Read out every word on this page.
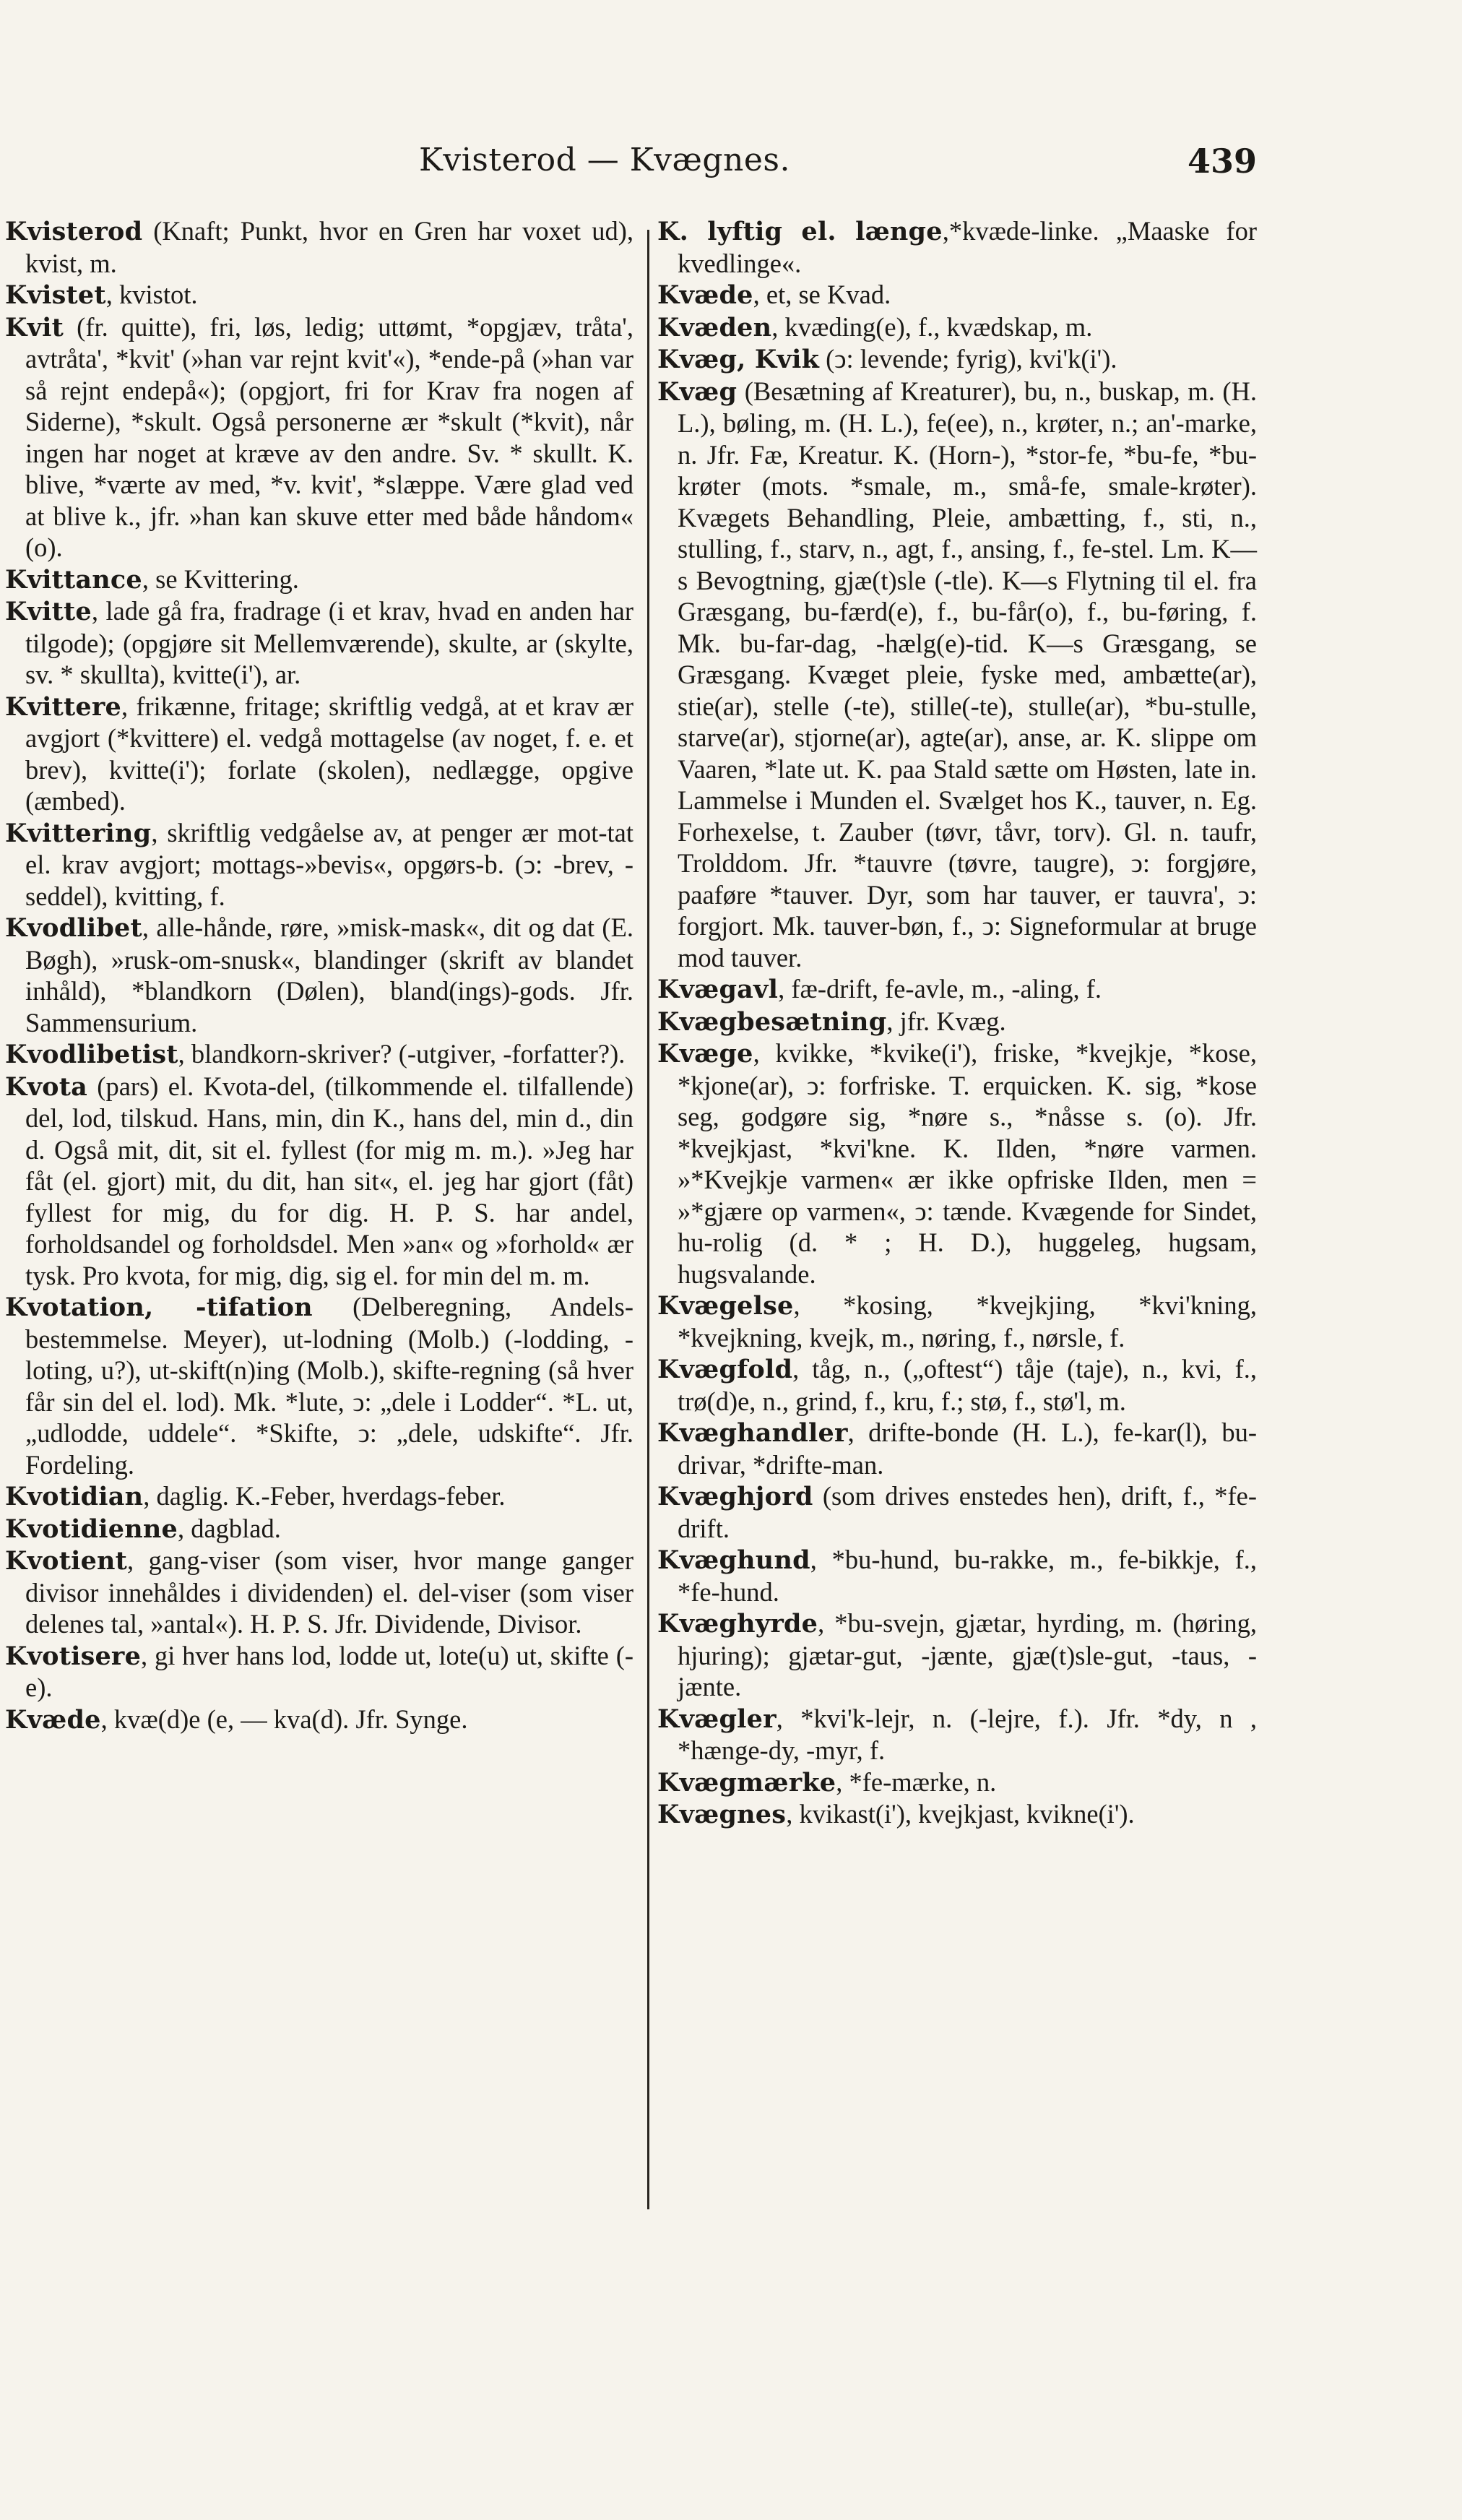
Kvisterod — Kvægnes.	439

Kvisterod (Knaft; Punkt, hvor en Gren har voxet ud), kvist, m.

Kvistet, kvistot.

Kvit (fr. quitte), fri, løs, ledig; uttømt, *opgjæv, tråta', avtråta', *kvit' (»han var rejnt kvit'«), *ende-på (»han var så rejnt endepå«); (opgjort, fri for Krav fra nogen af Siderne), *skult. Også personerne ær *skult (*kvit), når ingen har noget at kræve av den andre. Sv. * skullt. K. blive, *værte av med, *v. kvit', *slæppe. Være glad ved at blive k., jfr. »han kan skuve etter med både håndom« (o).

Kvittance, se Kvittering.

Kvitte, lade gå fra, fradrage (i et krav, hvad en anden har tilgode); (opgjøre sit Mellemværende), skulte, ar (skylte, sv. * skullta), kvitte(i'), ar.

Kvittere, frikænne, fritage; skriftlig vedgå, at et krav ær avgjort (*kvittere) el. vedgå mottagelse (av noget, f. e. et brev), kvitte(i'); forlate (skolen), nedlægge, opgive (æmbed).

Kvittering, skriftlig vedgåelse av, at penger ær mot-tat el. krav avgjort; mottags-»bevis«, opgørs-b. (ↄ: -brev, -seddel), kvitting, f.

Kvodlibet, alle-hånde, røre, »misk-mask«, dit og dat (E. Bøgh), »rusk-om-snusk«, blandinger (skrift av blandet inhåld), *blandkorn (Dølen), bland(ings)-gods. Jfr. Sammensurium.

Kvodlibetist, blandkorn-skriver? (-utgiver, -forfatter?).

Kvota (pars) el. Kvota-del, (tilkommende el. tilfallende) del, lod, tilskud. Hans, min, din K., hans del, min d., din d. Også mit, dit, sit el. fyllest (for mig m. m.). »Jeg har fåt (el. gjort) mit, du dit, han sit«, el. jeg har gjort (fåt) fyllest for mig, du for dig. H. P. S. har andel, forholdsandel og forholdsdel. Men »an« og »forhold« ær tysk. Pro kvota, for mig, dig, sig el. for min del m. m.

Kvotation, -tifation (Delberegning, Andels-bestemmelse. Meyer), ut-lodning (Molb.) (-lodding, -loting, u?), ut-skift(n)ing (Molb.), skifte-regning (så hver får sin del el. lod). Mk. *lute, ↄ: „dele i Lodder“. *L. ut, „udlodde, uddele“. *Skifte, ↄ: „dele, udskifte“. Jfr. Fordeling.

Kvotidian, daglig. K.-Feber, hverdags-feber.

Kvotidienne, dagblad.

Kvotient, gang-viser (som viser, hvor mange ganger divisor innehåldes i dividenden) el. del-viser (som viser delenes tal, »antal«). H. P. S. Jfr. Dividende, Divisor.

Kvotisere, gi hver hans lod, lodde ut, lote(u) ut, skifte (-e).

Kvæde, kvæ(d)e (e, — kva(d). Jfr. Synge.

K. lyftig el. længe,*kvæde-linke. „Maaske for kvedlinge«.

Kvæde, et, se Kvad.

Kvæden, kvæding(e), f., kvædskap, m.

Kvæg, Kvik (ↄ: levende; fyrig), kvi'k(i').

Kvæg (Besætning af Kreaturer), bu, n., buskap, m. (H. L.), bøling, m. (H. L.), fe(ee), n., krøter, n.; an'-marke, n. Jfr. Fæ, Kreatur. K. (Horn-), *stor-fe, *bu-fe, *bu-krøter (mots. *smale, m., små-fe, smale-krøter). Kvægets Behandling, Pleie, ambætting, f., sti, n., stulling, f., starv, n., agt, f., ansing, f., fe-stel. Lm. K—s Bevogtning, gjæ(t)sle (-tle). K—s Flytning til el. fra Græsgang, bu-færd(e), f., bu-får(o), f., bu-føring, f. Mk. bu-far-dag, -hælg(e)-tid. K—s Græsgang, se Græsgang. Kvæget pleie, fyske med, ambætte(ar), stie(ar), stelle (-te), stille(-te), stulle(ar), *bu-stulle, starve(ar), stjorne(ar), agte(ar), anse, ar. K. slippe om Vaaren, *late ut. K. paa Stald sætte om Høsten, late in. Lammelse i Munden el. Svælget hos K., tauver, n. Eg. Forhexelse, t. Zauber (tøvr, tåvr, torv). Gl. n. taufr, Trolddom. Jfr. *tauvre (tøvre, taugre), ↄ: forgjøre, paaføre *tauver. Dyr, som har tauver, er tauvra', ↄ: forgjort. Mk. tauver-bøn, f., ↄ: Signeformular at bruge mod tauver.

Kvægavl, fæ-drift, fe-avle, m., -aling, f.

Kvægbesætning, jfr. Kvæg.

Kvæge, kvikke, *kvike(i'), friske, *kvejkje, *kose, *kjone(ar), ↄ: forfriske. T. erquicken. K. sig, *kose seg, godgøre sig, *nøre s., *nåsse s. (o). Jfr. *kvejkjast, *kvi'kne. K. Ilden, *nøre varmen. »*Kvejkje varmen« ær ikke opfriske Ilden, men = »*gjære op varmen«, ↄ: tænde. Kvægende for Sindet, hu-rolig (d. * ; H. D.), huggeleg, hugsam, hugsvalande.

Kvægelse, *kosing, *kvejkjing, *kvi'kning, *kvejkning, kvejk, m., nøring, f., nørsle, f.

Kvægfold, tåg, n., („oftest“) tåje (taje), n., kvi, f., trø(d)e, n., grind, f., kru, f.; stø, f., stø'l, m.

Kvæghandler, drifte-bonde (H. L.), fe-kar(l), bu-drivar, *drifte-man.

Kvæghjord (som drives enstedes hen), drift, f., *fe-drift.

Kvæghund, *bu-hund, bu-rakke, m., fe-bikkje, f., *fe-hund.

Kvæghyrde, *bu-svejn, gjætar, hyrding, m. (høring, hjuring); gjætar-gut, -jænte, gjæ(t)sle-gut, -taus, -jænte.

Kvægler, *kvi'k-lejr, n. (-lejre, f.). Jfr. *dy, n , *hænge-dy, -myr, f.

Kvægmærke, *fe-mærke, n.

Kvægnes, kvikast(i'), kvejkjast, kvikne(i').
